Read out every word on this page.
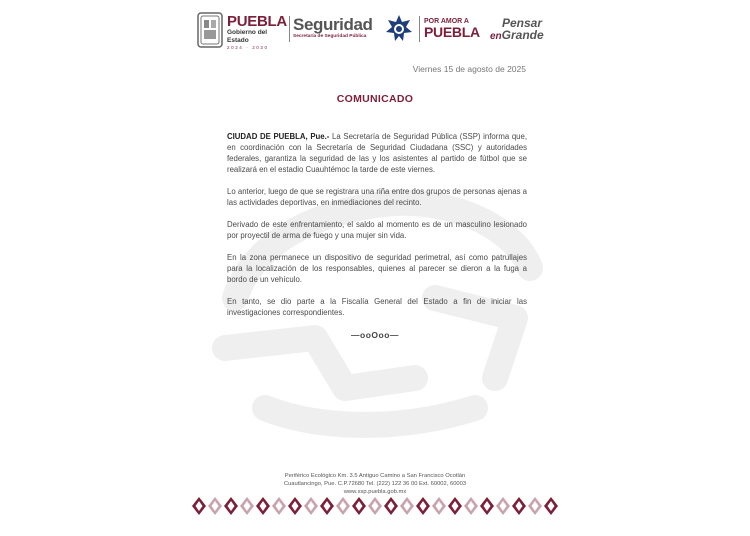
PUEBLA
Gobierno del Estado
2024 · 2030
Seguridad
Secretaría de Seguridad Pública
POR AMOR A
PUEBLA
Pensar
enGrande
Viernes 15 de agosto de 2025
COMUNICADO

CIUDAD DE PUEBLA, Pue.- La Secretaría de Seguridad Pública (SSP) informa que, en coordinación con la Secretaría de Seguridad Ciudadana (SSC) y autoridades federales, garantiza la seguridad de las y los asistentes al partido de fútbol que se realizará en el estadio Cuauhtémoc la tarde de este viernes.

Lo anterior, luego de que se registrara una riña entre dos grupos de personas ajenas a las actividades deportivas, en inmediaciones del recinto.

Derivado de este enfrentamiento, el saldo al momento es de un masculino lesionado por proyectil de arma de fuego y una mujer sin vida.

En la zona permanece un dispositivo de seguridad perimetral, así como patrullajes para la localización de los responsables, quienes al parecer se dieron a la fuga a bordo de un vehículo.

En tanto, se dio parte a la Fiscalía General del Estado a fin de iniciar las investigaciones correspondientes.

—ooOoo—
Periférico Ecológico Km. 3.5 Antiguo Camino a San Francisco Ocotlán
Cuautlancingo, Pue. C.P.72680 Tel. (222) 122 36 00 Ext. 60002, 60003
www.ssp.puebla.gob.mx
